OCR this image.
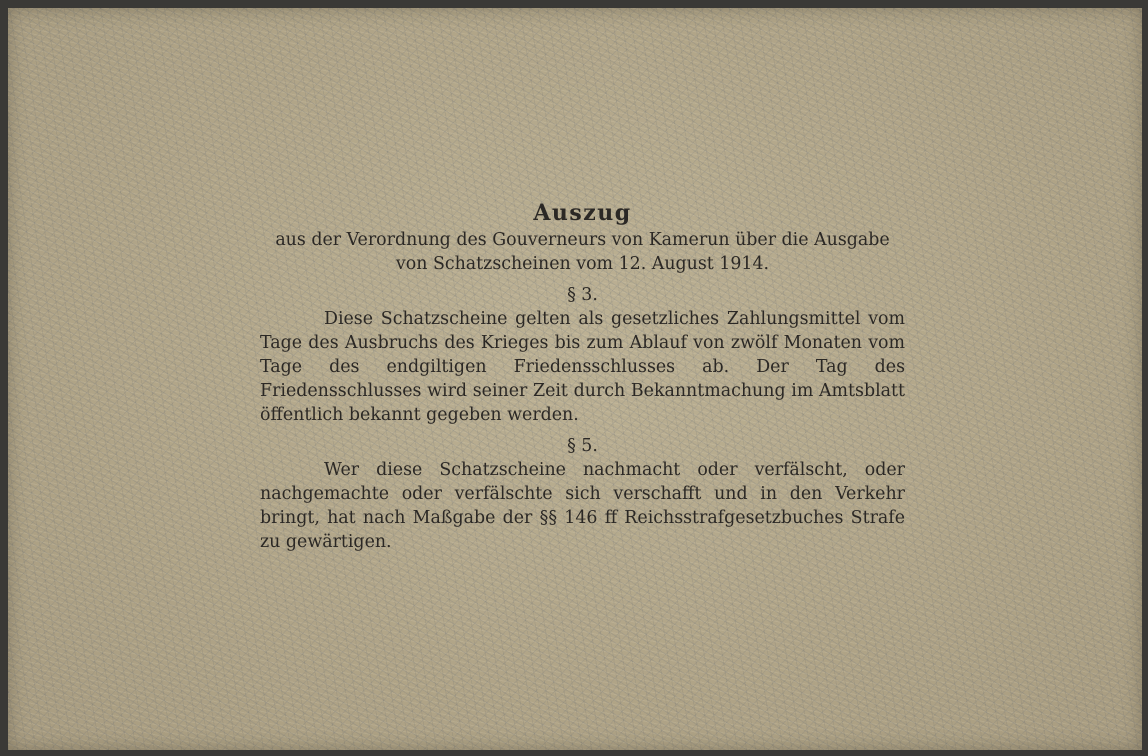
Auszug

aus der Verordnung des Gouverneurs von Kamerun über die Ausgabe von Schatzscheinen vom 12. August 1914.

§ 3.

Diese Schatzscheine gelten als gesetzliches Zahlungsmittel vom Tage des Ausbruchs des Krieges bis zum Ablauf von zwölf Monaten vom Tage des endgiltigen Friedensschlusses ab. Der Tag des Friedensschlusses wird seiner Zeit durch Bekanntmachung im Amtsblatt öffentlich bekannt gegeben werden.

§ 5.

Wer diese Schatzscheine nachmacht oder verfälscht, oder nachgemachte oder verfälschte sich verschafft und in den Verkehr bringt, hat nach Maßgabe der §§ 146 ff Reichsstrafgesetzbuches Strafe zu gewärtigen.
